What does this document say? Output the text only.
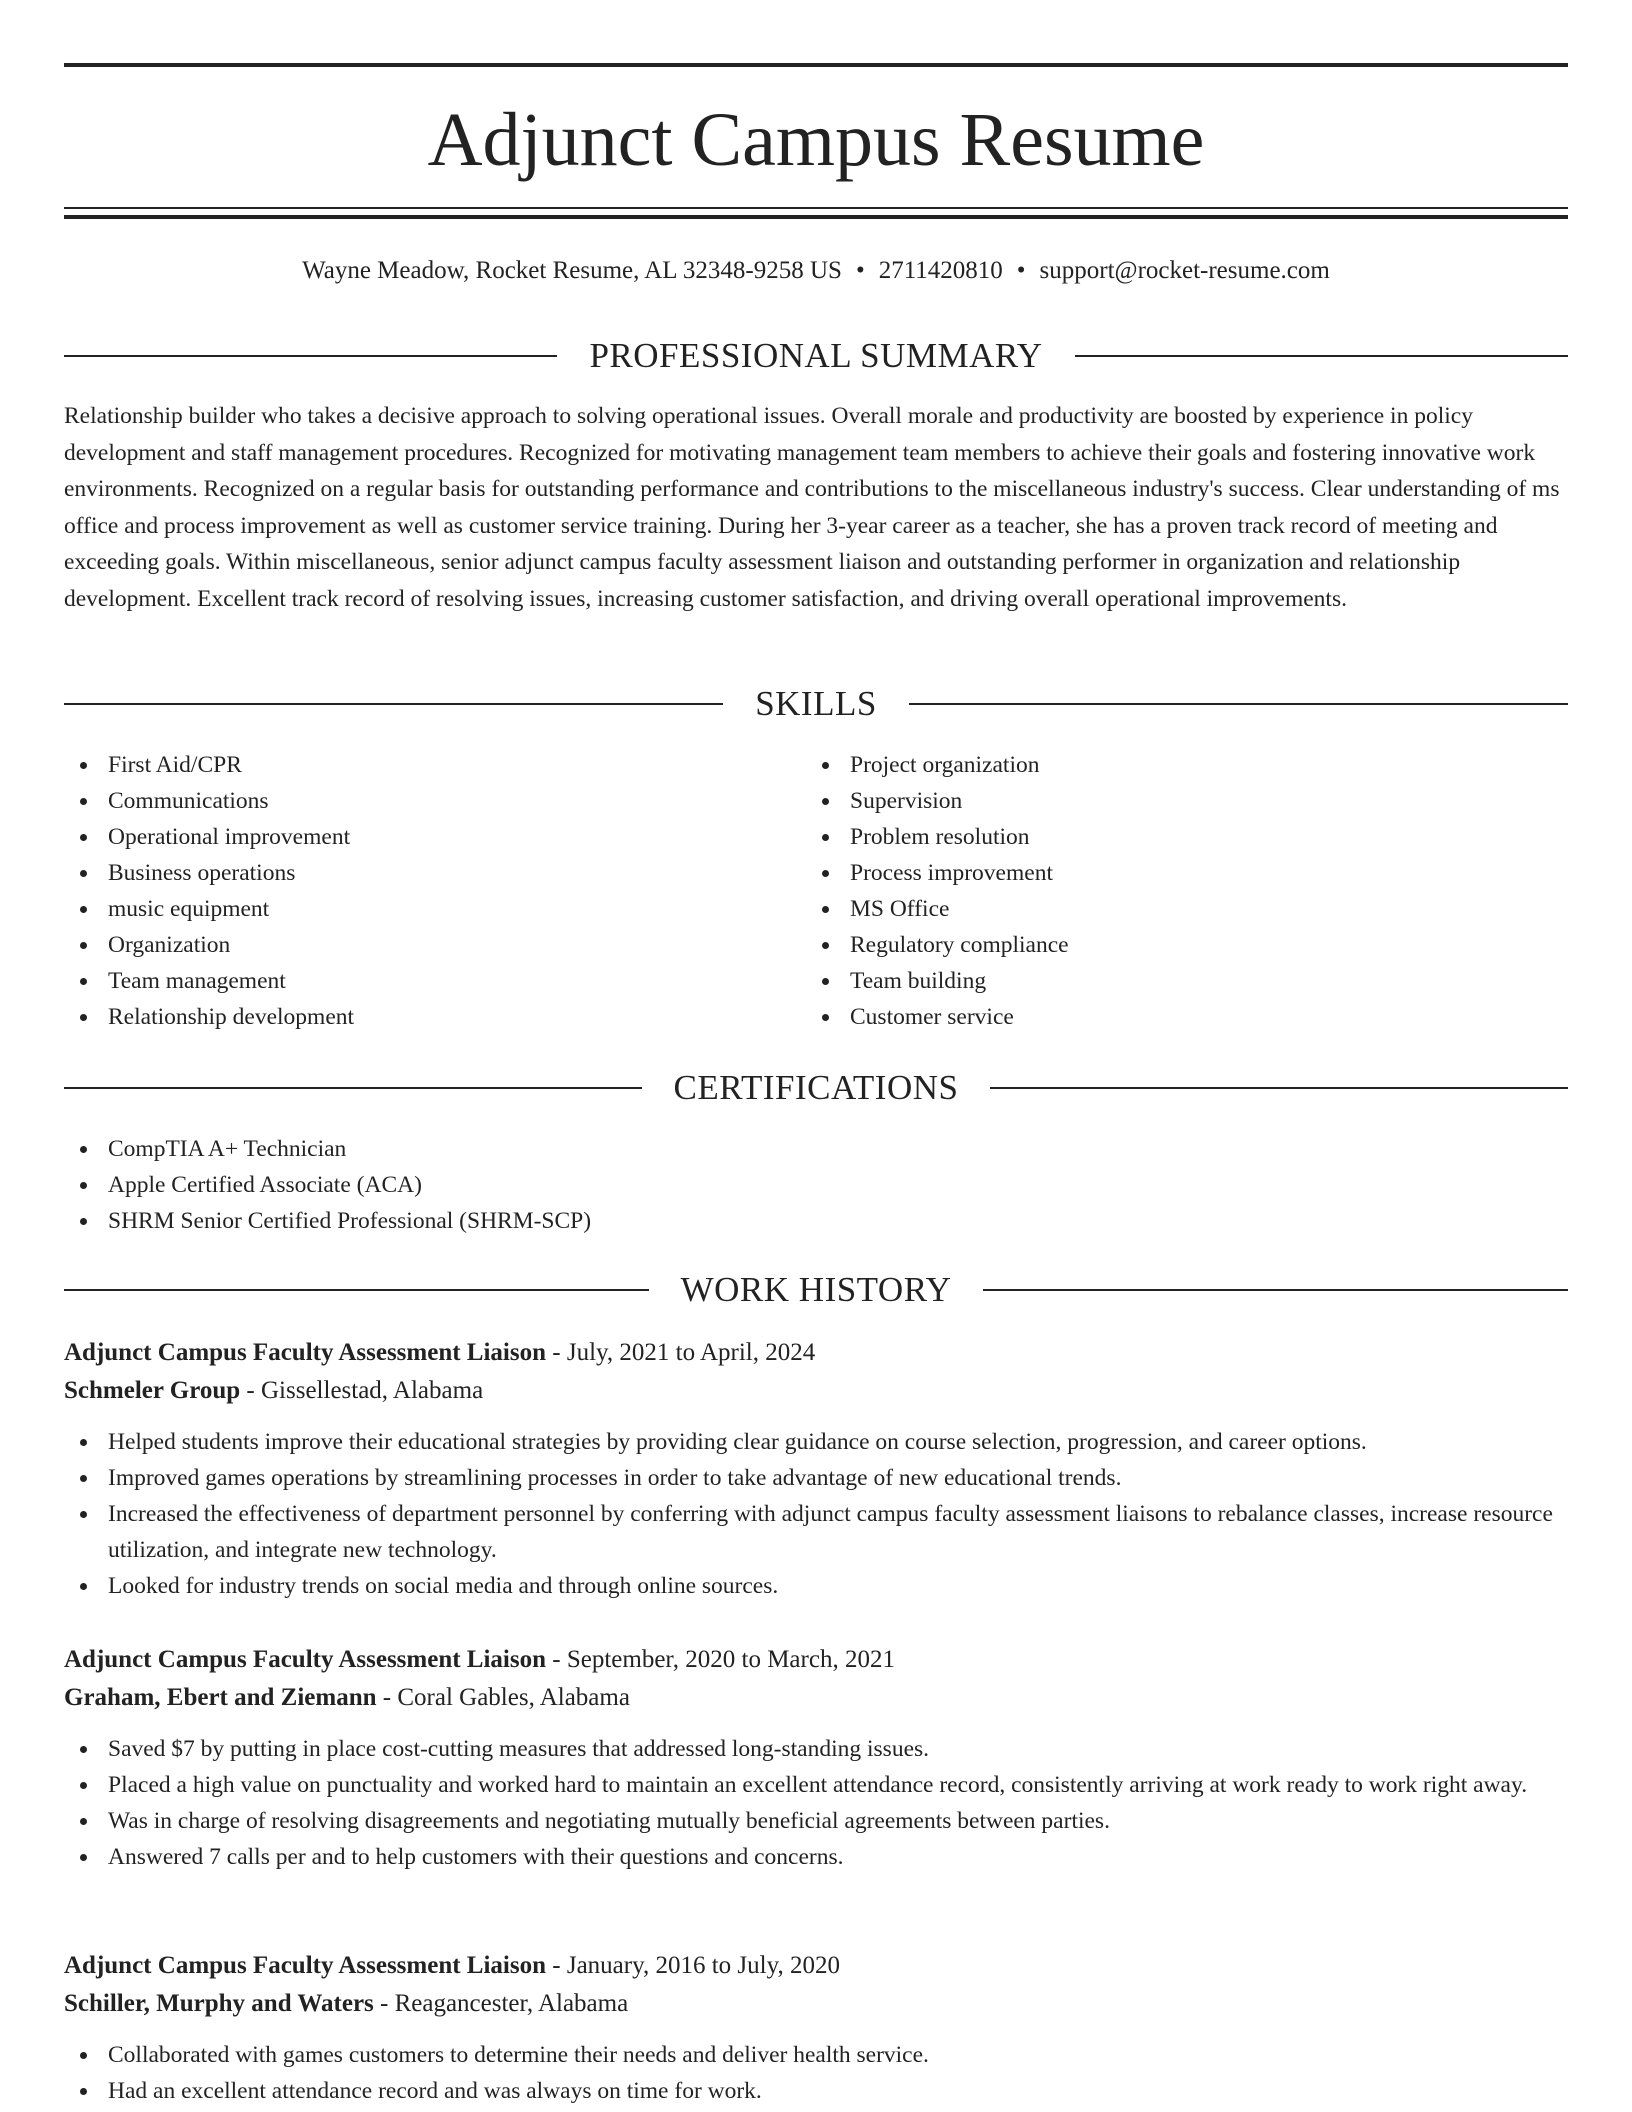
Adjunct Campus Resume
Wayne Meadow, Rocket Resume, AL 32348-9258 US • 2711420810 • support@rocket-resume.com
PROFESSIONAL SUMMARY
Relationship builder who takes a decisive approach to solving operational issues. Overall morale and productivity are boosted by experience in policy development and staff management procedures. Recognized for motivating management team members to achieve their goals and fostering innovative work environments. Recognized on a regular basis for outstanding performance and contributions to the miscellaneous industry's success. Clear understanding of ms office and process improvement as well as customer service training. During her 3-year career as a teacher, she has a proven track record of meeting and exceeding goals. Within miscellaneous, senior adjunct campus faculty assessment liaison and outstanding performer in organization and relationship development. Excellent track record of resolving issues, increasing customer satisfaction, and driving overall operational improvements.
SKILLS
First Aid/CPR
Communications
Operational improvement
Business operations
music equipment
Organization
Team management
Relationship development
Project organization
Supervision
Problem resolution
Process improvement
MS Office
Regulatory compliance
Team building
Customer service
CERTIFICATIONS
CompTIA A+ Technician
Apple Certified Associate (ACA)
SHRM Senior Certified Professional (SHRM-SCP)
WORK HISTORY
Adjunct Campus Faculty Assessment Liaison - July, 2021 to April, 2024
Schmeler Group - Gissellestad, Alabama
Helped students improve their educational strategies by providing clear guidance on course selection, progression, and career options.
Improved games operations by streamlining processes in order to take advantage of new educational trends.
Increased the effectiveness of department personnel by conferring with adjunct campus faculty assessment liaisons to rebalance classes, increase resource utilization, and integrate new technology.
Looked for industry trends on social media and through online sources.
Adjunct Campus Faculty Assessment Liaison - September, 2020 to March, 2021
Graham, Ebert and Ziemann - Coral Gables, Alabama
Saved $7 by putting in place cost-cutting measures that addressed long-standing issues.
Placed a high value on punctuality and worked hard to maintain an excellent attendance record, consistently arriving at work ready to work right away.
Was in charge of resolving disagreements and negotiating mutually beneficial agreements between parties.
Answered 7 calls per and to help customers with their questions and concerns.
Adjunct Campus Faculty Assessment Liaison - January, 2016 to July, 2020
Schiller, Murphy and Waters - Reagancester, Alabama
Collaborated with games customers to determine their needs and deliver health service.
Had an excellent attendance record and was always on time for work.
